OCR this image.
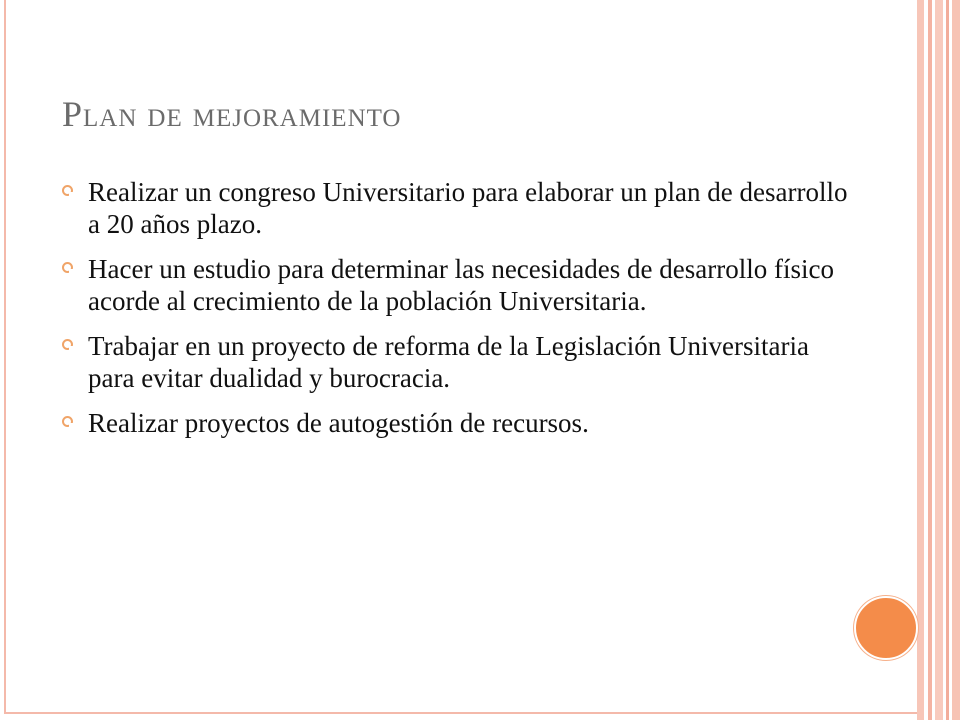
Plan de mejoramiento
Realizar un congreso Universitario para elaborar un plan de desarrollo a 20 años plazo.
Hacer un estudio para determinar las necesidades de desarrollo físico acorde al crecimiento de la población Universitaria.
Trabajar en un proyecto de reforma de la Legislación Universitaria para evitar dualidad y burocracia.
Realizar proyectos de autogestión de recursos.
